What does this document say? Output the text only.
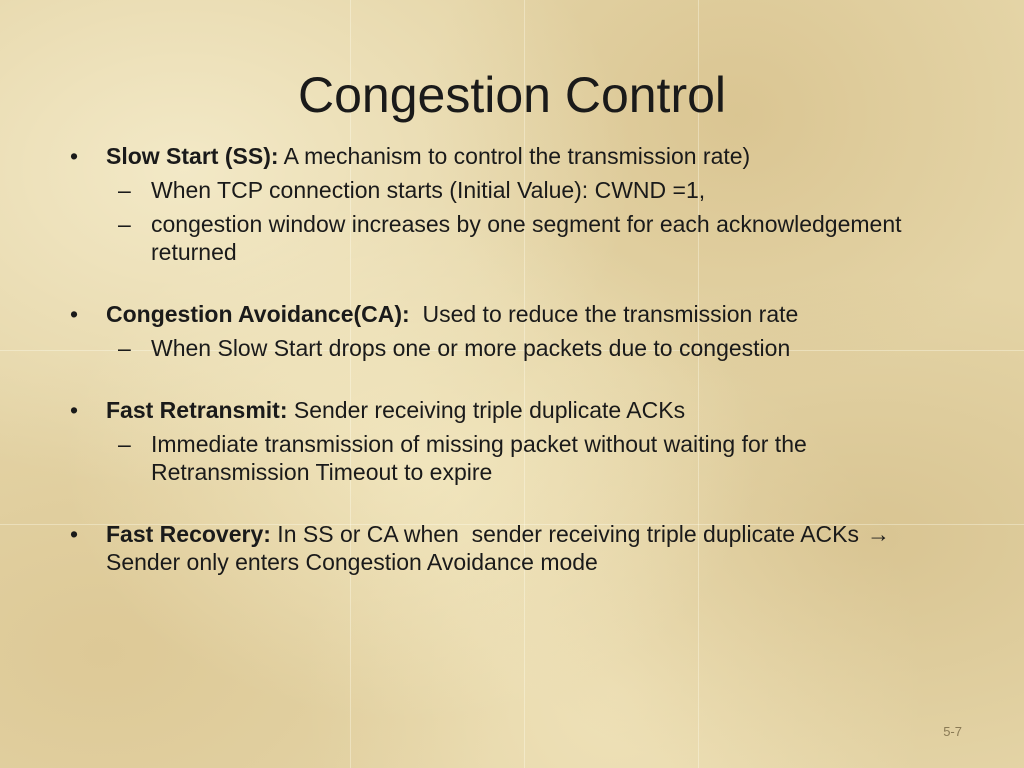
Congestion Control
•	Slow Start (SS): A mechanism to control the transmission rate)
– When TCP connection starts (Initial Value): CWND =1,
– congestion window increases by one segment for each acknowledgement returned
•	Congestion Avoidance(CA):  Used to reduce the transmission rate
– When Slow Start drops one or more packets due to congestion
•	Fast Retransmit: Sender receiving triple duplicate ACKs
– Immediate transmission of missing packet without waiting for the Retransmission Timeout to expire
•	Fast Recovery: In SS or CA when  sender receiving triple duplicate ACKs → Sender only enters Congestion Avoidance mode
5-7
